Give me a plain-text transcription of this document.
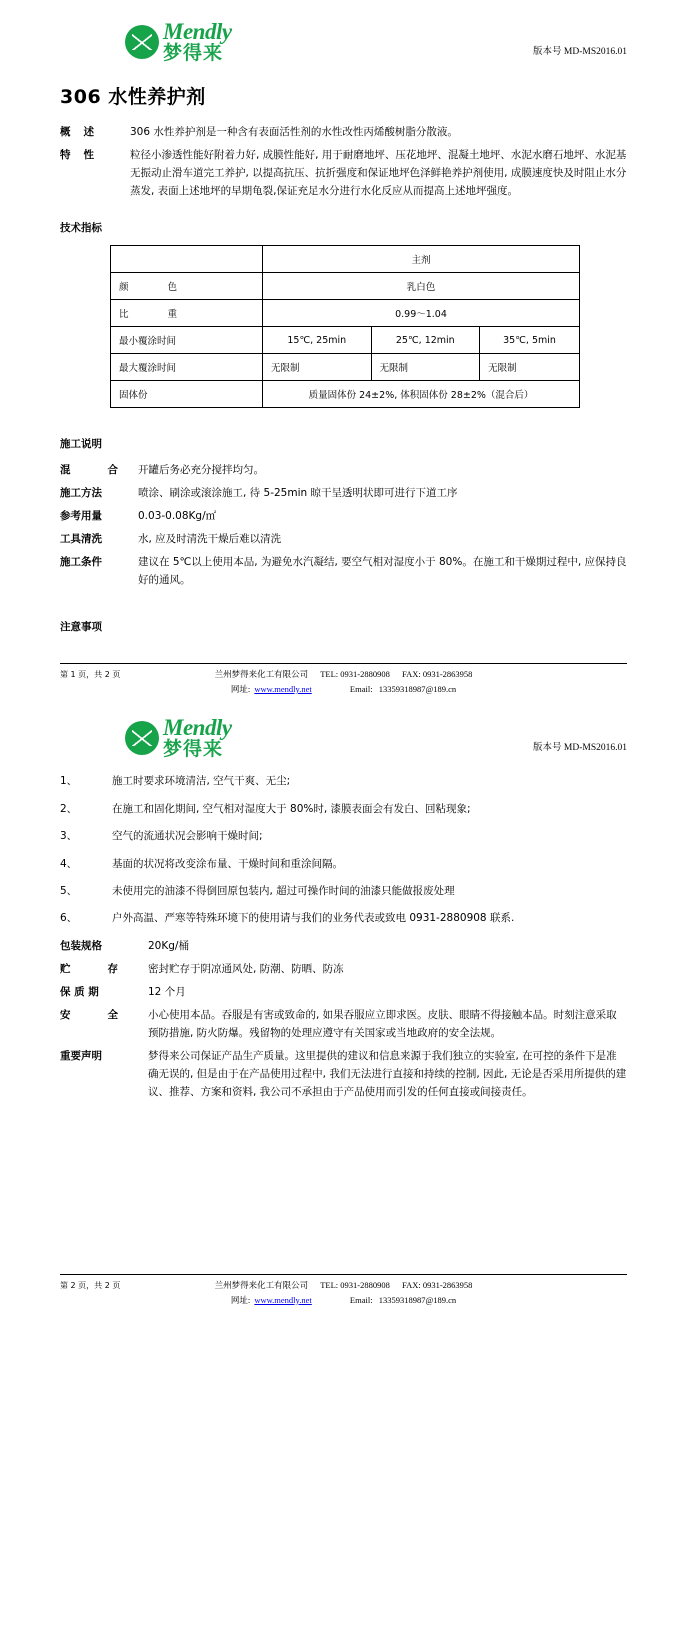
Mendly
梦得来	版本号 MD-MS2016.01
306 水性养护剂
概述	306 水性养护剂是一种含有表面活性剂的水性改性丙烯酸树脂分散液。
特性	粒径小渗透性能好附着力好, 成膜性能好, 用于耐磨地坪、压花地坪、混凝土地坪、水泥水磨石地坪、水泥基无振动止滑车道完工养护, 以提高抗压、抗折强度和保证地坪色泽鲜艳养护剂使用, 成膜速度快及时阻止水分蒸发, 表面上述地坪的早期龟裂,保证充足水分进行水化反应从而提高上述地坪强度。
技术指标
	主剂		
颜色	乳白色		
比重	0.99～1.04		
最小覆涂时间	15℃, 25min	25℃, 12min	35℃, 5min
最大覆涂时间	无限制	无限制	无限制
固体份	质量固体份 24±2%, 体积固体份 28±2%（混合后）		
施工说明
混 合	开罐后务必充分搅拌均匀。
施工方法	喷涂、刷涂或滚涂施工, 待 5-25min 晾干呈透明状即可进行下道工序
参考用量	0.03-0.08Kg/㎡
工具清洗	水, 应及时清洗干燥后难以清洗
施工条件	建议在 5℃以上使用本品, 为避免水汽凝结, 要空气相对湿度小于 80%。在施工和干燥期过程中, 应保持良好的通风。
注意事项
第 1 页，共 2 页	兰州梦得来化工有限公司 TEL: 0931-2880908 FAX: 0931-2863958
网址: www.mendly.net	Email: 13359318987@189.cn
Mendly
梦得来	版本号 MD-MS2016.01
1、	施工时要求环境清洁, 空气干爽、无尘;
2、	在施工和固化期间, 空气相对湿度大于 80%时, 漆膜表面会有发白、回粘现象;
3、	空气的流通状况会影响干燥时间;
4、	基面的状况将改变涂布量、干燥时间和重涂间隔。
5、	未使用完的油漆不得倒回原包装内, 超过可操作时间的油漆只能做报废处理
6、	户外高温、严寒等特殊环境下的使用请与我们的业务代表或致电 0931-2880908 联系.
包装规格	20Kg/桶
贮 存	密封贮存于阴凉通风处, 防潮、防晒、防冻
保 质 期	12 个月
安 全	小心使用本品。吞服是有害或致命的, 如果吞服应立即求医。皮肤、眼睛不得接触本品。时刻注意采取预防措施, 防火防爆。残留物的处理应遵守有关国家或当地政府的安全法规。
重要声明	梦得来公司保证产品生产质量。这里提供的建议和信息来源于我们独立的实验室, 在可控的条件下是准确无误的, 但是由于在产品使用过程中, 我们无法进行直接和持续的控制, 因此, 无论是否采用所提供的建议、推荐、方案和资料, 我公司不承担由于产品使用而引发的任何直接或间接责任。
第 2 页，共 2 页	兰州梦得来化工有限公司 TEL: 0931-2880908 FAX: 0931-2863958
网址: www.mendly.net	Email: 13359318987@189.cn
